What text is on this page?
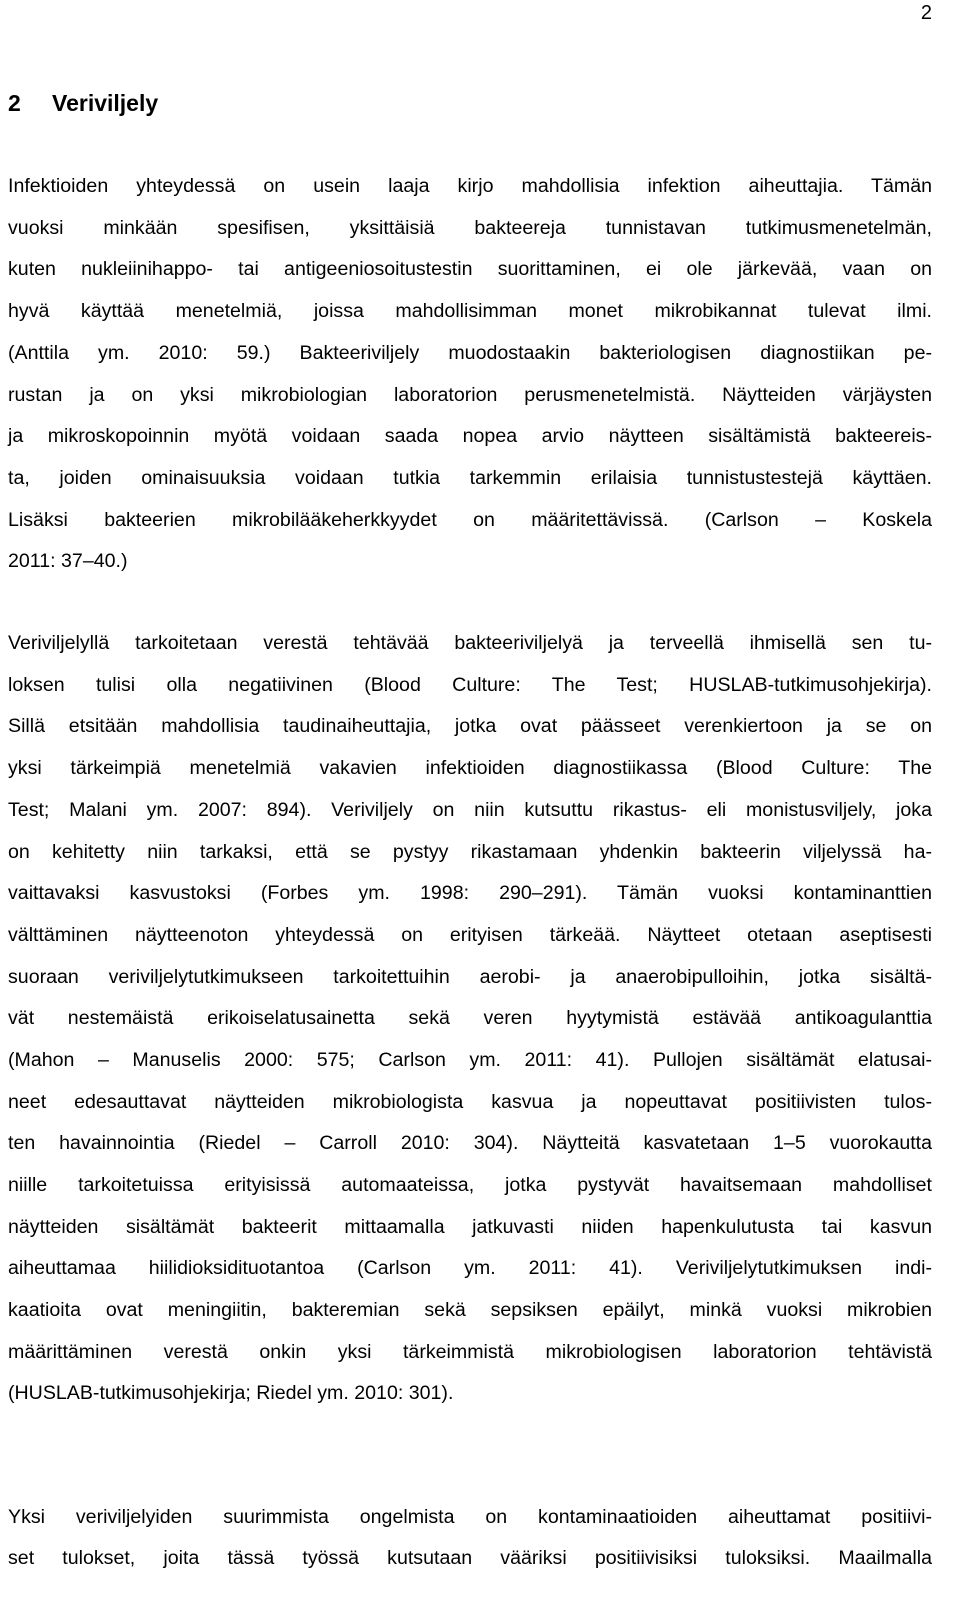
2
2 Veriviljely

Infektioiden yhteydessä on usein laaja kirjo mahdollisia infektion aiheuttajia. Tämän

vuoksi minkään spesifisen, yksittäisiä bakteereja tunnistavan tutkimusmenetelmän,

kuten nukleiinihappo- tai antigeeniosoitustestin suorittaminen, ei ole järkevää, vaan on

hyvä käyttää menetelmiä, joissa mahdollisimman monet mikrobikannat tulevat ilmi.

(Anttila ym. 2010: 59.) Bakteeriviljely muodostaakin bakteriologisen diagnostiikan pe-

rustan ja on yksi mikrobiologian laboratorion perusmenetelmistä. Näytteiden värjäysten

ja mikroskopoinnin myötä voidaan saada nopea arvio näytteen sisältämistä bakteereis-

ta, joiden ominaisuuksia voidaan tutkia tarkemmin erilaisia tunnistustestejä käyttäen.

Lisäksi bakteerien mikrobilääkeherkkyydet on määritettävissä. (Carlson – Koskela

2011: 37–40.)

Veriviljelyllä tarkoitetaan verestä tehtävää bakteeriviljelyä ja terveellä ihmisellä sen tu-

loksen tulisi olla negatiivinen (Blood Culture: The Test; HUSLAB-tutkimusohjekirja).

Sillä etsitään mahdollisia taudinaiheuttajia, jotka ovat päässeet verenkiertoon ja se on

yksi tärkeimpiä menetelmiä vakavien infektioiden diagnostiikassa (Blood Culture: The

Test; Malani ym. 2007: 894). Veriviljely on niin kutsuttu rikastus- eli monistusviljely, joka

on kehitetty niin tarkaksi, että se pystyy rikastamaan yhdenkin bakteerin viljelyssä ha-

vaittavaksi kasvustoksi (Forbes ym. 1998: 290–291). Tämän vuoksi kontaminanttien

välttäminen näytteenoton yhteydessä on erityisen tärkeää. Näytteet otetaan aseptisesti

suoraan veriviljelytutkimukseen tarkoitettuihin aerobi- ja anaerobipulloihin, jotka sisältä-

vät nestemäistä erikoiselatusainetta sekä veren hyytymistä estävää antikoagulanttia

(Mahon – Manuselis 2000: 575; Carlson ym. 2011: 41). Pullojen sisältämät elatusai-

neet edesauttavat näytteiden mikrobiologista kasvua ja nopeuttavat positiivisten tulos-

ten havainnointia (Riedel – Carroll 2010: 304). Näytteitä kasvatetaan 1–5 vuorokautta

niille tarkoitetuissa erityisissä automaateissa, jotka pystyvät havaitsemaan mahdolliset

näytteiden sisältämät bakteerit mittaamalla jatkuvasti niiden hapenkulutusta tai kasvun

aiheuttamaa hiilidioksidituotantoa (Carlson ym. 2011: 41). Veriviljelytutkimuksen indi-

kaatioita ovat meningiitin, bakteremian sekä sepsiksen epäilyt, minkä vuoksi mikrobien

määrittäminen verestä onkin yksi tärkeimmistä mikrobiologisen laboratorion tehtävistä

(HUSLAB-tutkimusohjekirja; Riedel ym. 2010: 301).

Yksi veriviljelyiden suurimmista ongelmista on kontaminaatioiden aiheuttamat positiivi-

set tulokset, joita tässä työssä kutsutaan vääriksi positiivisiksi tuloksiksi. Maailmalla
